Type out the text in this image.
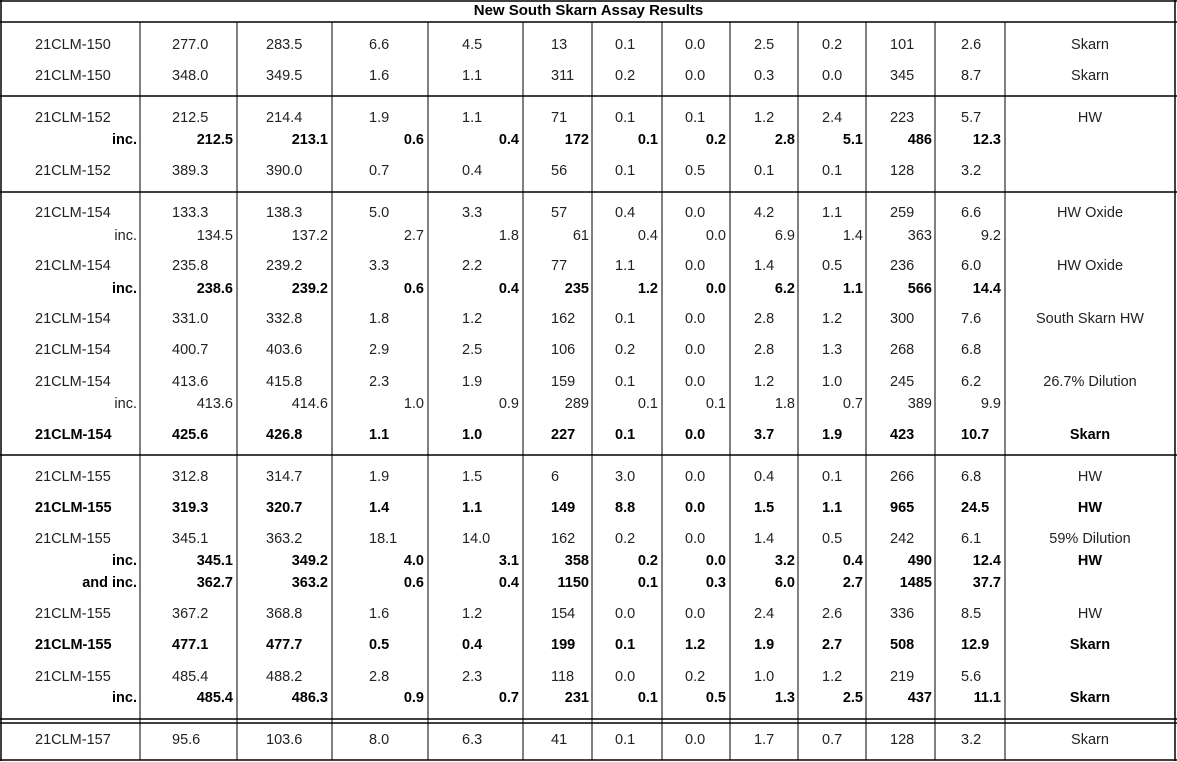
New South Skarn Assay Results
21CLM-150	277.0	283.5	6.6	4.5	13	0.1	0.0	2.5	0.2	101	2.6	Skarn
21CLM-150	348.0	349.5	1.6	1.1	311	0.2	0.0	0.3	0.0	345	8.7	Skarn
21CLM-152	212.5	214.4	1.9	1.1	71	0.1	0.1	1.2	2.4	223	5.7	HW
inc.	212.5	213.1	0.6	0.4	172	0.1	0.2	2.8	5.1	486	12.3
21CLM-152	389.3	390.0	0.7	0.4	56	0.1	0.5	0.1	0.1	128	3.2
21CLM-154	133.3	138.3	5.0	3.3	57	0.4	0.0	4.2	1.1	259	6.6	HW Oxide
inc.	134.5	137.2	2.7	1.8	61	0.4	0.0	6.9	1.4	363	9.2
21CLM-154	235.8	239.2	3.3	2.2	77	1.1	0.0	1.4	0.5	236	6.0	HW Oxide
inc.	238.6	239.2	0.6	0.4	235	1.2	0.0	6.2	1.1	566	14.4
21CLM-154	331.0	332.8	1.8	1.2	162	0.1	0.0	2.8	1.2	300	7.6	South Skarn HW
21CLM-154	400.7	403.6	2.9	2.5	106	0.2	0.0	2.8	1.3	268	6.8
21CLM-154	413.6	415.8	2.3	1.9	159	0.1	0.0	1.2	1.0	245	6.2	26.7% Dilution
inc.	413.6	414.6	1.0	0.9	289	0.1	0.1	1.8	0.7	389	9.9
21CLM-154	425.6	426.8	1.1	1.0	227	0.1	0.0	3.7	1.9	423	10.7	Skarn
21CLM-155	312.8	314.7	1.9	1.5	6	3.0	0.0	0.4	0.1	266	6.8	HW
21CLM-155	319.3	320.7	1.4	1.1	149	8.8	0.0	1.5	1.1	965	24.5	HW
21CLM-155	345.1	363.2	18.1	14.0	162	0.2	0.0	1.4	0.5	242	6.1	59% Dilution
inc.	345.1	349.2	4.0	3.1	358	0.2	0.0	3.2	0.4	490	12.4	HW
and inc.	362.7	363.2	0.6	0.4	1150	0.1	0.3	6.0	2.7	1485	37.7
21CLM-155	367.2	368.8	1.6	1.2	154	0.0	0.0	2.4	2.6	336	8.5	HW
21CLM-155	477.1	477.7	0.5	0.4	199	0.1	1.2	1.9	2.7	508	12.9	Skarn
21CLM-155	485.4	488.2	2.8	2.3	118	0.0	0.2	1.0	1.2	219	5.6
inc.	485.4	486.3	0.9	0.7	231	0.1	0.5	1.3	2.5	437	11.1	Skarn
21CLM-157	95.6	103.6	8.0	6.3	41	0.1	0.0	1.7	0.7	128	3.2	Skarn
